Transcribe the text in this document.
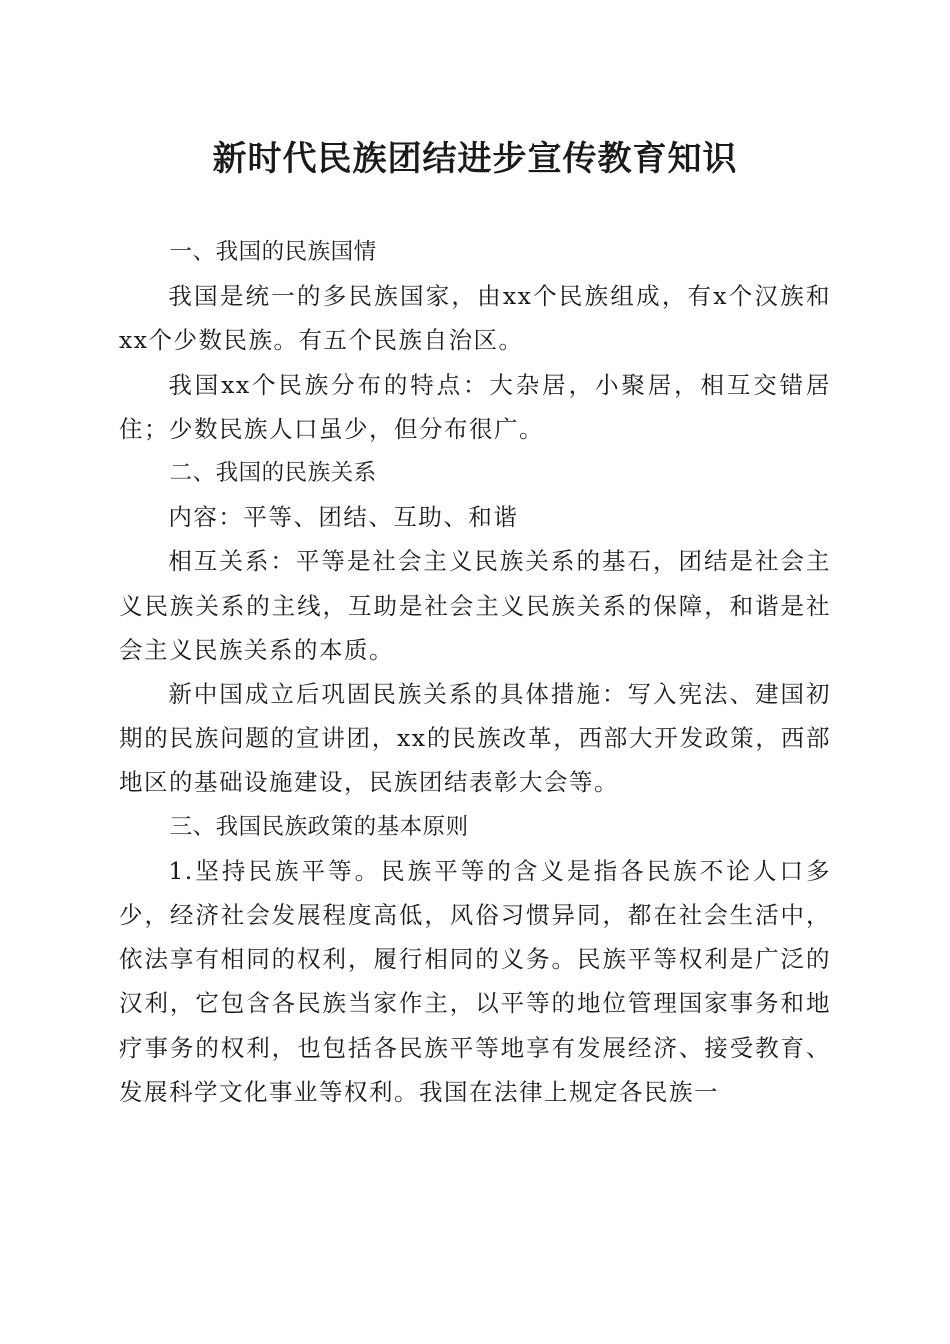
新时代民族团结进步宣传教育知识
一、我国的民族国情

我国是统一的多民族国家，由xx个民族组成，有x个汉族和xx个少数民族。有五个民族自治区。

我国xx个民族分布的特点：大杂居，小聚居，相互交错居住；少数民族人口虽少，但分布很广。

二、我国的民族关系

内容：平等、团结、互助、和谐

相互关系：平等是社会主义民族关系的基石，团结是社会主义民族关系的主线，互助是社会主义民族关系的保障，和谐是社会主义民族关系的本质。

新中国成立后巩固民族关系的具体措施：写入宪法、建国初期的民族问题的宣讲团，xx的民族改革，西部大开发政策，西部地区的基础设施建设，民族团结表彰大会等。

三、我国民族政策的基本原则

1.坚持民族平等。民族平等的含义是指各民族不论人口多少，经济社会发展程度高低，风俗习惯异同，都在社会生活中，依法享有相同的权利，履行相同的义务。民族平等权利是广泛的汉利，它包含各民族当家作主，以平等的地位管理国家事务和地疗事务的权利，也包括各民族平等地享有发展经济、接受教育、发展科学文化事业等权利。我国在法律上规定各民族一
